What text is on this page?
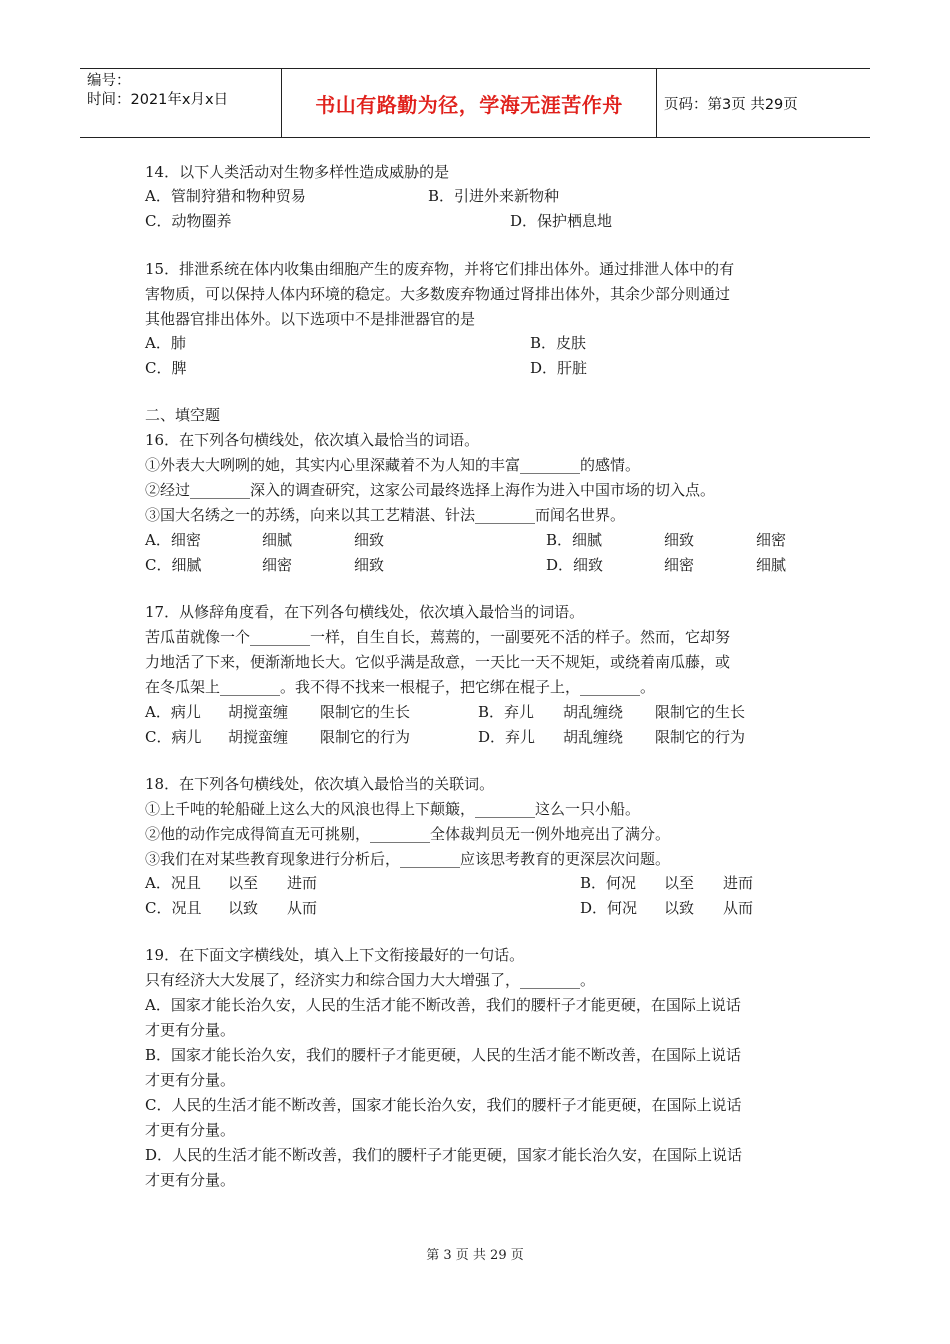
编号：
时间：2021年x月x日	书山有路勤为径，学海无涯苦作舟	页码：第3页 共29页
14．以下人类活动对生物多样性造成威胁的是
A．管制狩猎和物种贸易	B．引进外来新物种
C．动物圈养	D．保护栖息地
15．排泄系统在体内收集由细胞产生的废弃物，并将它们排出体外。通过排泄人体中的有
害物质，可以保持人体内环境的稳定。大多数废弃物通过肾排出体外，其余少部分则通过
其他器官排出体外。以下选项中不是排泄器官的是
A．肺	B．皮肤
C．脾	D．肝脏
二、填空题
16．在下列各句横线处，依次填入最恰当的词语。
①外表大大咧咧的她，其实内心里深藏着不为人知的丰富________的感情。
②经过________深入的调查研究，这家公司最终选择上海作为进入中国市场的切入点。
③国大名绣之一的苏绣，向来以其工艺精湛、针法________而闻名世界。
A．细密	细腻	细致	B．细腻	细致	细密
C．细腻	细密	细致	D．细致	细密	细腻
17．从修辞角度看，在下列各句横线处，依次填入最恰当的词语。
苦瓜苗就像一个________一样，自生自长，蔫蔫的，一副要死不活的样子。然而，它却努
力地活了下来，便渐渐地长大。它似乎满是敌意，一天比一天不规矩，或绕着南瓜藤，或
在冬瓜架上________。我不得不找来一根棍子，把它绑在棍子上，________。
A．病儿 胡搅蛮缠 限制它的生长	B．弃儿 胡乱缠绕 限制它的生长
C．病儿 胡搅蛮缠 限制它的行为	D．弃儿 胡乱缠绕 限制它的行为
18．在下列各句横线处，依次填入最恰当的关联词。
①上千吨的轮船碰上这么大的风浪也得上下颠簸，________这么一只小船。
②他的动作完成得简直无可挑剔，________全体裁判员无一例外地亮出了满分。
③我们在对某些教育现象进行分析后，________应该思考教育的更深层次问题。
A．况且 以至 进而	B．何况 以至 进而
C．况且 以致 从而	D．何况 以致 从而
19．在下面文字横线处，填入上下文衔接最好的一句话。
只有经济大大发展了，经济实力和综合国力大大增强了，________。
A．国家才能长治久安，人民的生活才能不断改善，我们的腰杆子才能更硬，在国际上说话
才更有分量。
B．国家才能长治久安，我们的腰杆子才能更硬，人民的生活才能不断改善，在国际上说话
才更有分量。
C．人民的生活才能不断改善，国家才能长治久安，我们的腰杆子才能更硬，在国际上说话
才更有分量。
D．人民的生活才能不断改善，我们的腰杆子才能更硬，国家才能长治久安，在国际上说话
才更有分量。
第 3 页 共 29 页
